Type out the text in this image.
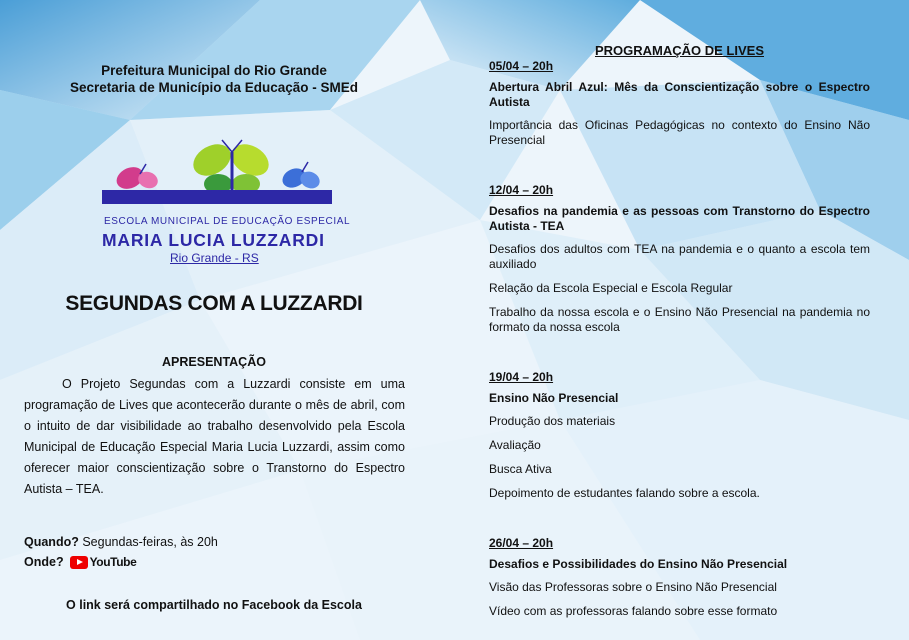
Prefeitura Municipal do Rio Grande
Secretaria de Município da Educação - SMEd
ESCOLA MUNICIPAL DE EDUCAÇÃO ESPECIAL
MARIA LUCIA LUZZARDI
Rio Grande - RS
SEGUNDAS COM A LUZZARDI
APRESENTAÇÃO

O Projeto Segundas com a Luzzardi consiste em uma programação de Lives que acontecerão durante o mês de abril, com o intuito de dar visibilidade ao trabalho desenvolvido pela Escola Municipal de Educação Especial Maria Lucia Luzzardi, assim como oferecer maior conscientização sobre o Transtorno do Espectro Autista – TEA.

Quando? Segundas-feiras, às 20h
Onde? YouTube
O link será compartilhado no Facebook da Escola
PROGRAMAÇÃO DE LIVES

05/04 – 20h

Abertura Abril Azul: Mês da Conscientização sobre o Espectro Autista

Importância das Oficinas Pedagógicas no contexto do Ensino Não Presencial

12/04 – 20h

Desafios na pandemia e as pessoas com Transtorno do Espectro Autista - TEA

Desafios dos adultos com TEA na pandemia e o quanto a escola tem auxiliado

Relação da Escola Especial e Escola Regular

Trabalho da nossa escola e o Ensino Não Presencial na pandemia no formato da nossa escola

19/04 – 20h

Ensino Não Presencial

Produção dos materiais

Avaliação

Busca Ativa

Depoimento de estudantes falando sobre a escola.

26/04 – 20h

Desafios e Possibilidades do Ensino Não Presencial

Visão das Professoras sobre o Ensino Não Presencial

Vídeo com as professoras falando sobre esse formato
